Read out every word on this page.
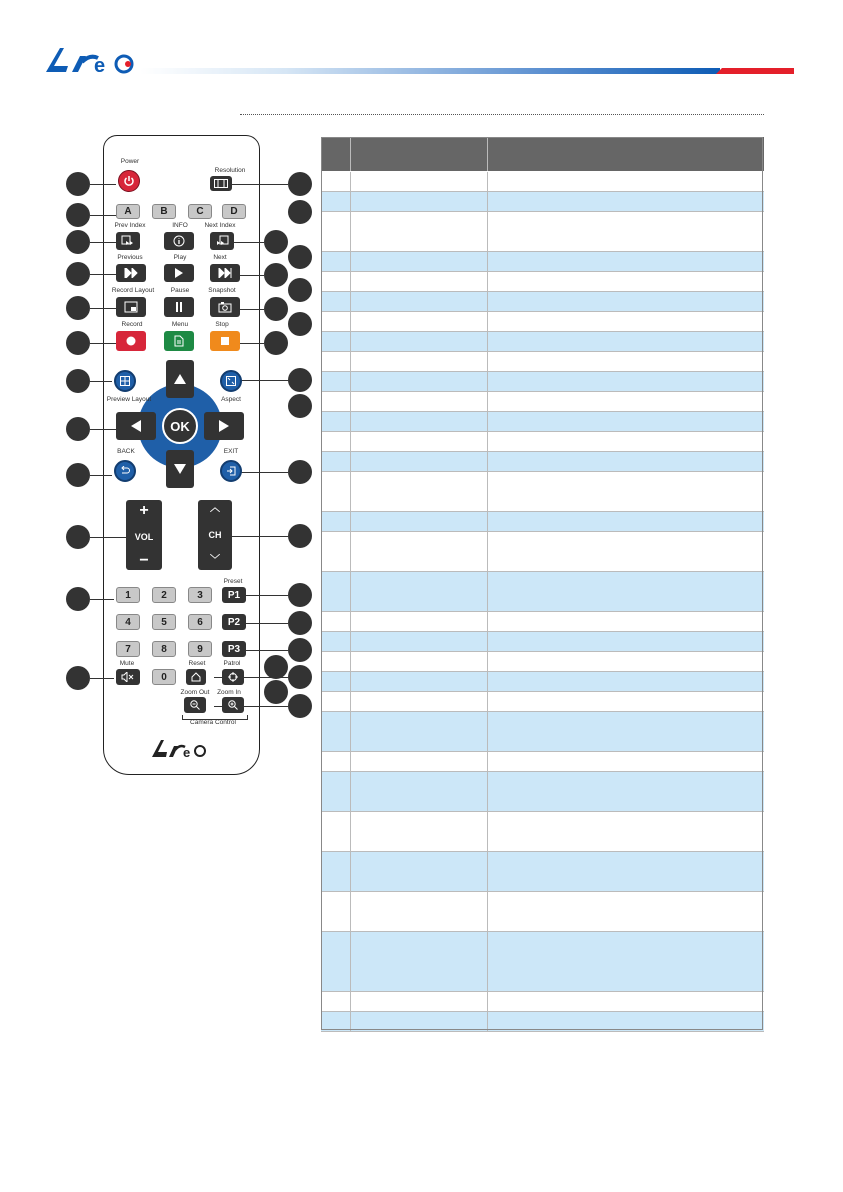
e
Power
Resolution
A	B	C	D
Prev Index	INFO	Next Index
Previous	Play	Next
Record Layout	Pause	Snapshot
Record	Menu	Stop
OK
Preview Layout	Aspect
BACK	EXIT
+
VOL
−
︿
CH
﹀
1	2	3
4	5	6
7	8	9
0
Preset
P1
P2
P3
Mute	Reset	Patrol
Zoom Out	Zoom In
Camera Control
e
